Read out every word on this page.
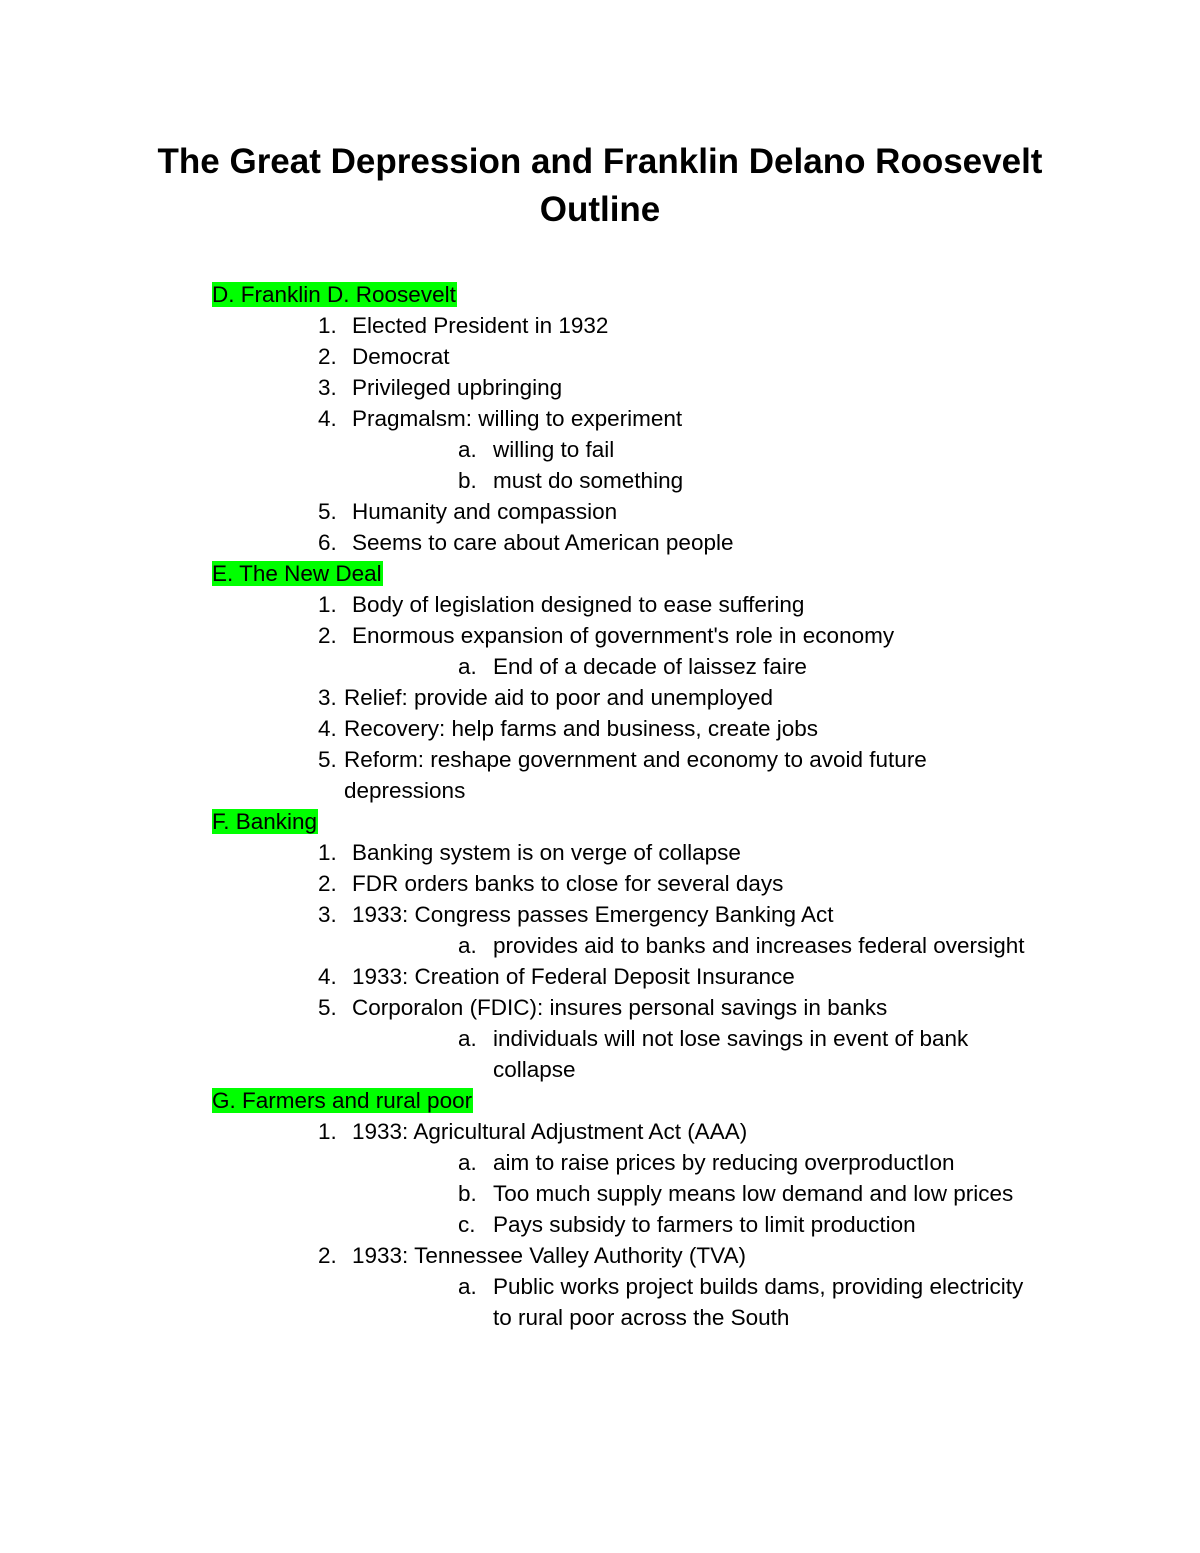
The Great Depression and Franklin Delano Roosevelt
Outline
D. Franklin D. Roosevelt
1. Elected President in 1932
2. Democrat
3. Privileged upbringing
4. Pragmalsm: willing to experiment
a. willing to fail
b. must do something
5. Humanity and compassion
6. Seems to care about American people
E. The New Deal
1. Body of legislation designed to ease suffering
2. Enormous expansion of government's role in economy
a. End of a decade of laissez faire
3. Relief: provide aid to poor and unemployed
4. Recovery: help farms and business, create jobs
5. Reform: reshape government and economy to avoid future
depressions
F. Banking
1. Banking system is on verge of collapse
2. FDR orders banks to close for several days
3. 1933: Congress passes Emergency Banking Act
a. provides aid to banks and increases federal oversight
4. 1933: Creation of Federal Deposit Insurance
5. Corporalon (FDIC): insures personal savings in banks
a. individuals will not lose savings in event of bank
collapse
G. Farmers and rural poor
1. 1933: Agricultural Adjustment Act (AAA)
a. aim to raise prices by reducing overproductIon
b. Too much supply means low demand and low prices
c. Pays subsidy to farmers to limit production
2. 1933: Tennessee Valley Authority (TVA)
a. Public works project builds dams, providing electricity
to rural poor across the South
